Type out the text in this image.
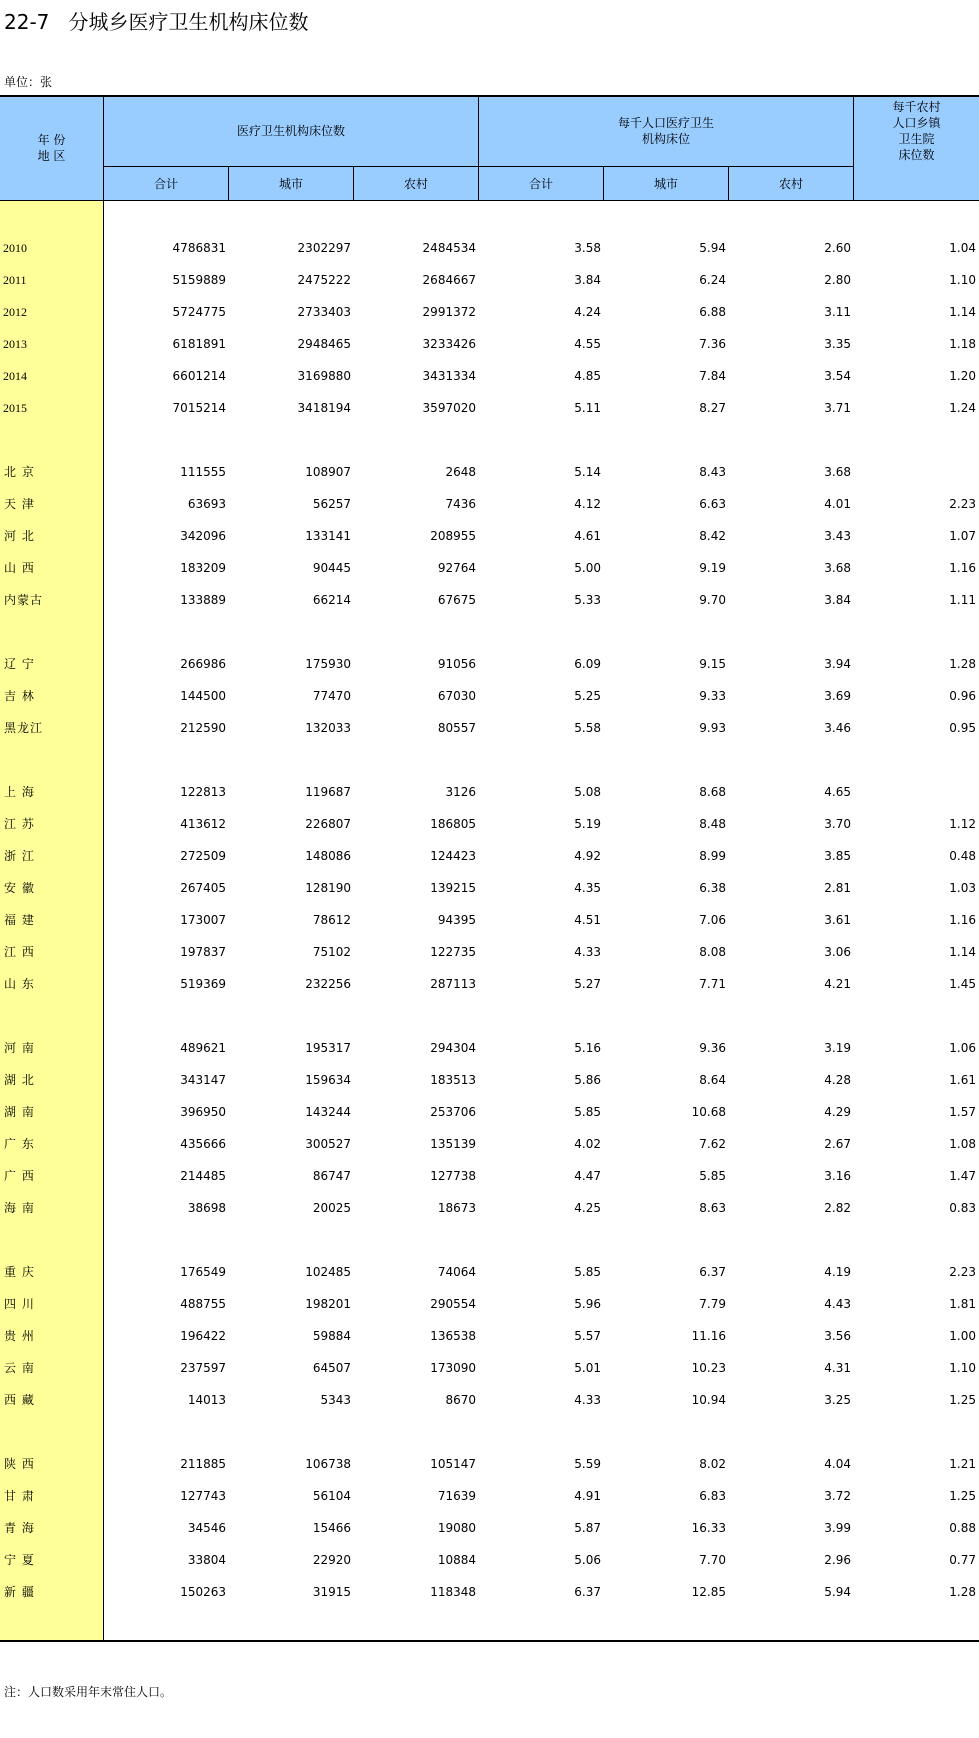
22-7   分城乡医疗卫生机构床位数
单位：张
年 份
地 区
医疗卫生机构床位数
每千人口医疗卫生
机构床位
每千农村
人口乡镇
卫生院
床位数
合计	城市	农村	合计	城市	农村
2010	4786831	2302297	2484534	3.58	5.94	2.60	1.04
2011	5159889	2475222	2684667	3.84	6.24	2.80	1.10
2012	5724775	2733403	2991372	4.24	6.88	3.11	1.14
2013	6181891	2948465	3233426	4.55	7.36	3.35	1.18
2014	6601214	3169880	3431334	4.85	7.84	3.54	1.20
2015	7015214	3418194	3597020	5.11	8.27	3.71	1.24
北 京	111555	108907	2648	5.14	8.43	3.68
天 津	63693	56257	7436	4.12	6.63	4.01	2.23
河 北	342096	133141	208955	4.61	8.42	3.43	1.07
山 西	183209	90445	92764	5.00	9.19	3.68	1.16
内蒙古	133889	66214	67675	5.33	9.70	3.84	1.11
辽 宁	266986	175930	91056	6.09	9.15	3.94	1.28
吉 林	144500	77470	67030	5.25	9.33	3.69	0.96
黑龙江	212590	132033	80557	5.58	9.93	3.46	0.95
上 海	122813	119687	3126	5.08	8.68	4.65
江 苏	413612	226807	186805	5.19	8.48	3.70	1.12
浙 江	272509	148086	124423	4.92	8.99	3.85	0.48
安 徽	267405	128190	139215	4.35	6.38	2.81	1.03
福 建	173007	78612	94395	4.51	7.06	3.61	1.16
江 西	197837	75102	122735	4.33	8.08	3.06	1.14
山 东	519369	232256	287113	5.27	7.71	4.21	1.45
河 南	489621	195317	294304	5.16	9.36	3.19	1.06
湖 北	343147	159634	183513	5.86	8.64	4.28	1.61
湖 南	396950	143244	253706	5.85	10.68	4.29	1.57
广 东	435666	300527	135139	4.02	7.62	2.67	1.08
广 西	214485	86747	127738	4.47	5.85	3.16	1.47
海 南	38698	20025	18673	4.25	8.63	2.82	0.83
重 庆	176549	102485	74064	5.85	6.37	4.19	2.23
四 川	488755	198201	290554	5.96	7.79	4.43	1.81
贵 州	196422	59884	136538	5.57	11.16	3.56	1.00
云 南	237597	64507	173090	5.01	10.23	4.31	1.10
西 藏	14013	5343	8670	4.33	10.94	3.25	1.25
陕 西	211885	106738	105147	5.59	8.02	4.04	1.21
甘 肃	127743	56104	71639	4.91	6.83	3.72	1.25
青 海	34546	15466	19080	5.87	16.33	3.99	0.88
宁 夏	33804	22920	10884	5.06	7.70	2.96	0.77
新 疆	150263	31915	118348	6.37	12.85	5.94	1.28
注：人口数采用年末常住人口。
